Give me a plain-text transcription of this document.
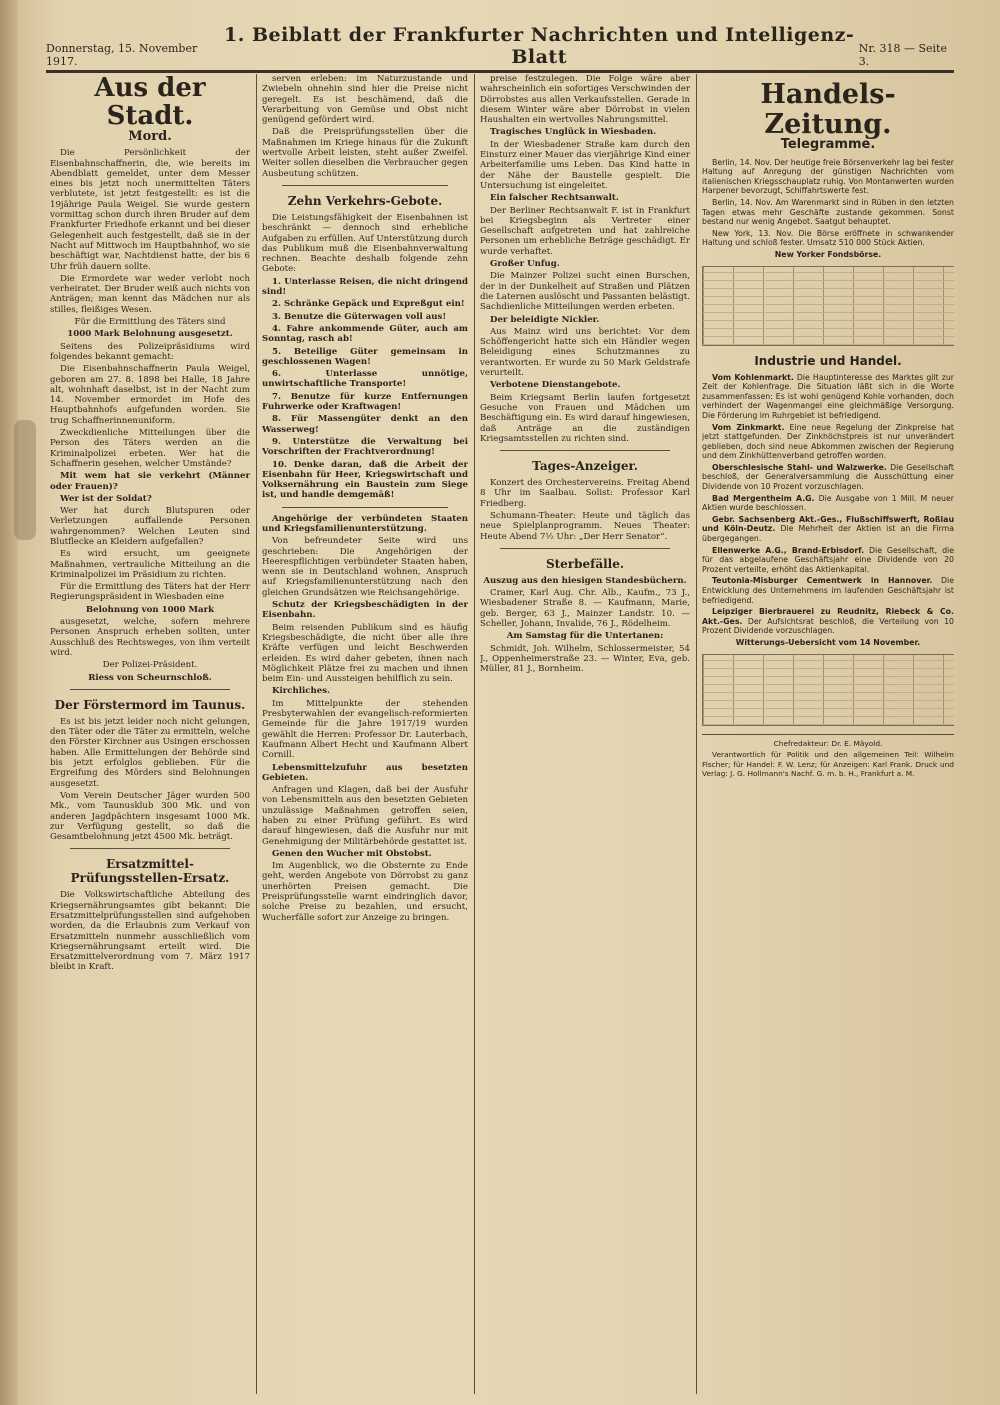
Donnerstag, 15. November 1917.
1. Beiblatt der Frankfurter Nachrichten und Intelligenz-Blatt	Nr. 318 — Seite 3.
Aus der Stadt.
Mord.

Die Persönlichkeit der Eisenbahnschaffnerin, die, wie bereits im Abendblatt gemeldet, unter dem Messer eines bis jetzt noch unermittelten Täters verblutete, ist jetzt festgestellt: es ist die 19jährige Paula Weigel. Sie wurde gestern vormittag schon durch ihren Bruder auf dem Frankfurter Friedhofe erkannt und bei dieser Gelegenheit auch festgestellt, daß sie in der Nacht auf Mittwoch im Hauptbahnhof, wo sie beschäftigt war, Nachtdienst hatte, der bis 6 Uhr früh dauern sollte.

Die Ermordete war weder verlobt noch verheiratet. Der Bruder weiß auch nichts von Anträgen; man kennt das Mädchen nur als stilles, fleißiges Wesen.

Für die Ermittlung des Täters sind

1000 Mark Belohnung ausgesetzt.

Seitens des Polizeipräsidiums wird folgendes bekannt gemacht:

Die Eisenbahnschaffnerin Paula Weigel, geboren am 27. 8. 1898 bei Halle, 18 Jahre alt, wohnhaft daselbst, ist in der Nacht zum 14. November ermordet im Hofe des Hauptbahnhofs aufgefunden worden. Sie trug Schaffnerinnenuniform.

Zweckdienliche Mitteilungen über die Person des Täters werden an die Kriminalpolizei erbeten. Wer hat die Schaffnerin gesehen, welcher Umstände?

Mit wem hat sie verkehrt (Männer oder Frauen)?

Wer ist der Soldat?

Wer hat durch Blutspuren oder Verletzungen auffallende Personen wahrgenommen? Welchen Leuten sind Blutflecke an Kleidern aufgefallen?

Es wird ersucht, um geeignete Maßnahmen, vertrauliche Mitteilung an die Kriminalpolizei im Präsidium zu richten.

Für die Ermittlung des Täters hat der Herr Regierungspräsident in Wiesbaden eine

Belohnung von 1000 Mark

ausgesetzt, welche, sofern mehrere Personen Anspruch erheben sollten, unter Ausschluß des Rechtsweges, von ihm verteilt wird.

Der Polizei-Präsident.

Riess von Scheurnschloß.

Der Förstermord im Taunus.

Es ist bis jetzt leider noch nicht gelungen, den Täter oder die Täter zu ermitteln, welche den Förster Kirchner aus Usingen erschossen haben. Alle Ermittelungen der Behörde sind bis jetzt erfolglos geblieben. Für die Ergreifung des Mörders sind Belohnungen ausgesetzt.

Vom Verein Deutscher Jäger wurden 500 Mk., vom Taunusklub 300 Mk. und von anderen Jagdpächtern insgesamt 1000 Mk. zur Verfügung gestellt, so daß die Gesamtbelohnung jetzt 4500 Mk. beträgt.

Ersatzmittel-Prüfungsstellen-Ersatz.

Die Volkswirtschaftliche Abteilung des Kriegsernährungsamtes gibt bekannt: Die Ersatzmittelprüfungsstellen sind aufgehoben worden, da die Erlaubnis zum Verkauf von Ersatzmitteln nunmehr ausschließlich vom Kriegsernährungsamt erteilt wird. Die Ersatzmittelverordnung vom 7. März 1917 bleibt in Kraft.

serven erleben: im Naturzustande und Zwiebeln ohnehin sind hier die Preise nicht geregelt. Es ist beschämend, daß die Verarbeitung von Gemüse und Obst nicht genügend gefördert wird.

Daß die Preisprüfungsstellen über die Maßnahmen im Kriege hinaus für die Zukunft wertvolle Arbeit leisten, steht außer Zweifel. Weiter sollen dieselben die Verbraucher gegen Ausbeutung schützen.

Zehn Verkehrs-Gebote.

Die Leistungsfähigkeit der Eisenbahnen ist beschränkt — dennoch sind erhebliche Aufgaben zu erfüllen. Auf Unterstützung durch das Publikum muß die Eisenbahnverwaltung rechnen. Beachte deshalb folgende zehn Gebote:

1. Unterlasse Reisen, die nicht dringend sind!

2. Schränke Gepäck und Expreßgut ein!

3. Benutze die Güterwagen voll aus!

4. Fahre ankommende Güter, auch am Sonntag, rasch ab!

5. Beteilige Güter gemeinsam in geschlossenen Wagen!

6. Unterlasse unnötige, unwirtschaftliche Transporte!

7. Benutze für kurze Entfernungen Fuhrwerke oder Kraftwagen!

8. Für Massengüter denkt an den Wasserweg!

9. Unterstütze die Verwaltung bei Vorschriften der Frachtverordnung!

10. Denke daran, daß die Arbeit der Eisenbahn für Heer, Kriegswirtschaft und Volksernährung ein Baustein zum Siege ist, und handle demgemäß!

Angehörige der verbündeten Staaten und Kriegsfamilienunterstützung.

Von befreundeter Seite wird uns geschrieben: Die Angehörigen der Heerespflichtigen verbündeter Staaten haben, wenn sie in Deutschland wohnen, Anspruch auf Kriegsfamilienunterstützung nach den gleichen Grundsätzen wie Reichsangehörige.

Schutz der Kriegsbeschädigten in der Eisenbahn.

Beim reisenden Publikum sind es häufig Kriegsbeschädigte, die nicht über alle ihre Kräfte verfügen und leicht Beschwerden erleiden. Es wird daher gebeten, ihnen nach Möglichkeit Plätze frei zu machen und ihnen beim Ein- und Aussteigen behilflich zu sein.

Kirchliches.

Im Mittelpunkte der stehenden Presbyterwahlen der evangelisch-reformierten Gemeinde für die Jahre 1917/19 wurden gewählt die Herren: Professor Dr. Lauterbach, Kaufmann Albert Hecht und Kaufmann Albert Cornill.

Lebensmittelzufuhr aus besetzten Gebieten.

Anfragen und Klagen, daß bei der Ausfuhr von Lebensmitteln aus den besetzten Gebieten unzulässige Maßnahmen getroffen seien, haben zu einer Prüfung geführt. Es wird darauf hingewiesen, daß die Ausfuhr nur mit Genehmigung der Militärbehörde gestattet ist.

Genen den Wucher mit Obstobst.

Im Augenblick, wo die Obsternte zu Ende geht, werden Angebote von Dörrobst zu ganz unerhörten Preisen gemacht. Die Preisprüfungsstelle warnt eindringlich davor, solche Preise zu bezahlen, und ersucht, Wucherfälle sofort zur Anzeige zu bringen.

preise festzulegen. Die Folge wäre aber wahrscheinlich ein sofortiges Verschwinden der Dörrobstes aus allen Verkaufsstellen. Gerade in diesem Winter wäre aber Dörrobst in vielen Haushalten ein wertvolles Nahrungsmittel.

Tragisches Unglück in Wiesbaden.

In der Wiesbadener Straße kam durch den Einsturz einer Mauer das vierjährige Kind einer Arbeiterfamilie ums Leben. Das Kind hatte in der Nähe der Baustelle gespielt. Die Untersuchung ist eingeleitet.

Ein falscher Rechtsanwalt.

Der Berliner Rechtsanwalt F. ist in Frankfurt bei Kriegsbeginn als Vertreter einer Gesellschaft aufgetreten und hat zahlreiche Personen um erhebliche Beträge geschädigt. Er wurde verhaftet.

Großer Unfug.

Die Mainzer Polizei sucht einen Burschen, der in der Dunkelheit auf Straßen und Plätzen die Laternen auslöscht und Passanten belästigt. Sachdienliche Mitteilungen werden erbeten.

Der beleidigte Nickler.

Aus Mainz wird uns berichtet: Vor dem Schöffengericht hatte sich ein Händler wegen Beleidigung eines Schutzmannes zu verantworten. Er wurde zu 50 Mark Geldstrafe verurteilt.

Verbotene Dienstangebote.

Beim Kriegsamt Berlin laufen fortgesetzt Gesuche von Frauen und Mädchen um Beschäftigung ein. Es wird darauf hingewiesen, daß Anträge an die zuständigen Kriegsamtsstellen zu richten sind.

Tages-Anzeiger.

Konzert des Orchestervereins. Freitag Abend 8 Uhr im Saalbau. Solist: Professor Karl Friedberg.

Schumann-Theater: Heute und täglich das neue Spielplanprogramm. Neues Theater: Heute Abend 7½ Uhr: „Der Herr Senator“.

Sterbefälle.

Auszug aus den hiesigen Standesbüchern.

Cramer, Karl Aug. Chr. Alb., Kaufm., 73 J., Wiesbadener Straße 8. — Kaufmann, Marie, geb. Berger, 63 J., Mainzer Landstr. 10. — Scheller, Johann, Invalide, 76 J., Rödelheim.

Am Samstag für die Untertanen:

Schmidt, Joh. Wilhelm, Schlossermeister, 54 J., Oppenheimerstraße 23. — Winter, Eva, geb. Müller, 81 J., Bornheim.

Handels-Zeitung.
Telegramme.

Berlin, 14. Nov. Der heutige freie Börsenverkehr lag bei fester Haltung auf Anregung der günstigen Nachrichten vom italienischen Kriegsschauplatz ruhig. Von Montanwerten wurden Harpener bevorzugt, Schiffahrtswerte fest.

Berlin, 14. Nov. Am Warenmarkt sind in Rüben in den letzten Tagen etwas mehr Geschäfte zustande gekommen. Sonst bestand nur wenig Angebot. Saatgut behauptet.

New York, 13. Nov. Die Börse eröffnete in schwankender Haltung und schloß fester. Umsatz 510 000 Stück Aktien.

New Yorker Fondsbörse.

Industrie und Handel.

Vom Kohlenmarkt. Die Hauptinteresse des Marktes gilt zur Zeit der Kohlenfrage. Die Situation läßt sich in die Worte zusammenfassen: Es ist wohl genügend Kohle vorhanden, doch verhindert der Wagenmangel eine gleichmäßige Versorgung. Die Förderung im Ruhrgebiet ist befriedigend.

Vom Zinkmarkt. Eine neue Regelung der Zinkpreise hat jetzt stattgefunden. Der Zinkhöchstpreis ist nur unverändert geblieben, doch sind neue Abkommen zwischen der Regierung und dem Zinkhüttenverband getroffen worden.

Oberschlesische Stahl- und Walzwerke. Die Gesellschaft beschloß, der Generalversammlung die Ausschüttung einer Dividende von 10 Prozent vorzuschlagen.

Bad Mergentheim A.G. Die Ausgabe von 1 Mill. M neuer Aktien wurde beschlossen.

Gebr. Sachsenberg Akt.-Ges., Flußschiffswerft, Roßlau und Köln-Deutz. Die Mehrheit der Aktien ist an die Firma übergegangen.

Ellenwerke A.G., Brand-Erbisdorf. Die Gesellschaft, die für das abgelaufene Geschäftsjahr eine Dividende von 20 Prozent verteilte, erhöht das Aktienkapital.

Teutonia-Misburger Cementwerk in Hannover. Die Entwicklung des Unternehmens im laufenden Geschäftsjahr ist befriedigend.

Leipziger Bierbrauerei zu Reudnitz, Riebeck & Co. Akt.-Ges. Der Aufsichtsrat beschloß, die Verteilung von 10 Prozent Dividende vorzuschlagen.

Witterungs-Uebersicht vom 14 November.

Chefredakteur: Dr. E. Mäyold.

Verantwortlich für Politik und den allgemeinen Teil: Wilhelm Fischer; für Handel: F. W. Lenz; für Anzeigen: Karl Frank. Druck und Verlag: J. G. Hollmann's Nachf. G. m. b. H., Frankfurt a. M.
